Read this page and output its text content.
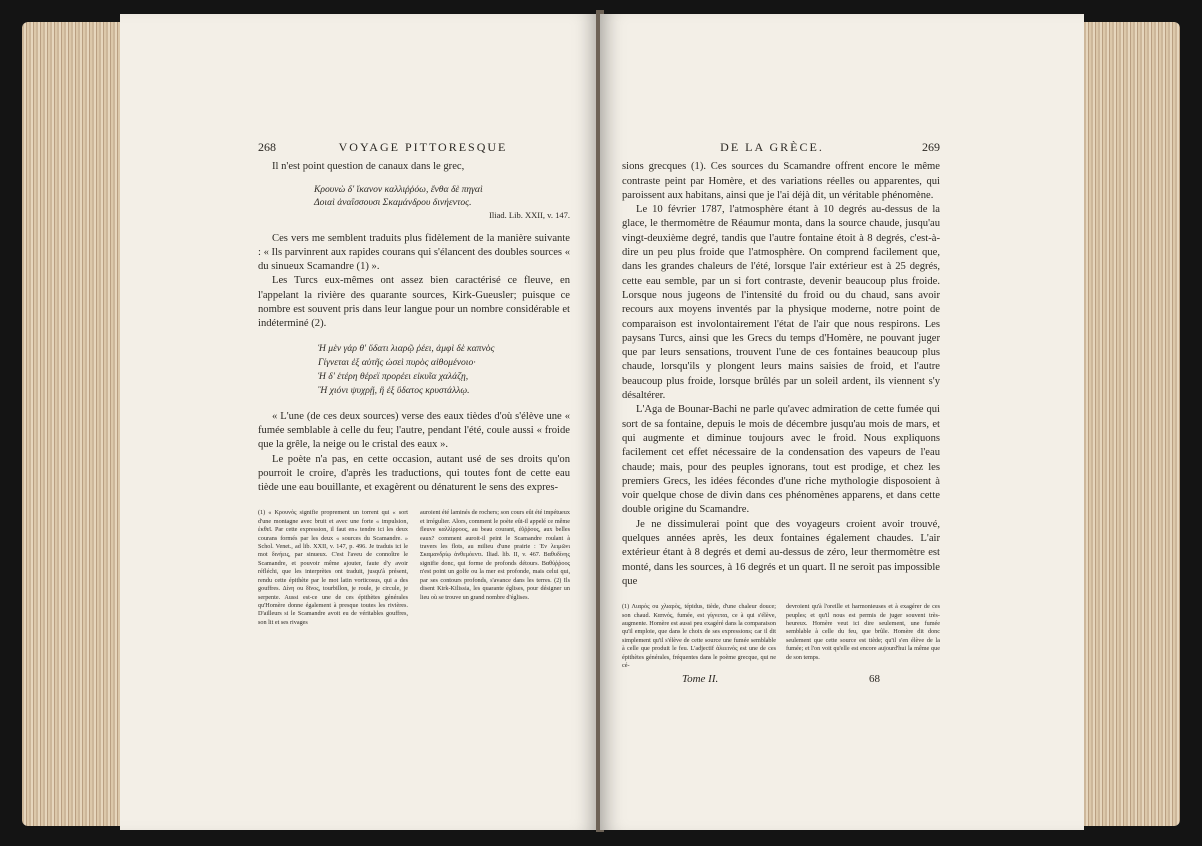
268	VOYAGE PITTORESQUE

Il n'est point question de canaux dans le grec,

Κρουνὼ δ' ἵκανον καλλιῤῥόω, ἔνθα δὲ πηγαὶ
Δοιαὶ ἀναΐσσουσι Σκαμάνδρου δινήεντος.
Iliad. Lib. XXII, v. 147.

Ces vers me semblent traduits plus fidèlement de la manière suivante : « Ils parvinrent aux rapides courans qui s'élancent des doubles sources « du sinueux Scamandre (1) ».

Les Turcs eux-mêmes ont assez bien caractérisé ce fleuve, en l'appelant la rivière des quarante sources, Kirk-Gueusler; puisque ce nombre est souvent pris dans leur langue pour un nombre considérable et indéterminé (2).

Ἡ μὲν γάρ θ' ὕδατι λιαρῷ ῥέει, ἀμφὶ δὲ καπνὸς
Γίγνεται ἐξ αὐτῆς ὡσεὶ πυρὸς αἰθομένοιο·
Ἡ δ' ἑτέρη θέρεϊ προρέει εἰκυῖα χαλάζῃ,
Ἢ χιόνι ψυχρῇ, ἢ ἐξ ὕδατος κρυστάλλῳ.

« L'une (de ces deux sources) verse des eaux tièdes d'où s'élève une « fumée semblable à celle du feu; l'autre, pendant l'été, coule aussi « froide que la grêle, la neige ou le cristal des eaux ».

Le poète n'a pas, en cette occasion, autant usé de ses droits qu'on pourroit le croire, d'après les traductions, qui toutes font de cette eau tiède une eau bouillante, et exagèrent ou dénaturent le sens des expres-

(1) « Κρουνὸς signifie proprement un torrent qui « sort d'une montagne avec bruit et avec une forte « impulsion, ἐκθεῖ. Par cette expression, il faut en« tendre ici les deux courans formés par les deux « sources du Scamandre. » Schol. Venet., ad lib. XXII, v. 147, p. 496. Je traduis ici le mot δινήεις, par sinueux. C'est l'aveu de connoître le Scamandre, et pouvoir même ajouter, faute d'y avoir réfléchi, que les interprètes ont traduit, jusqu'à présent, rendu cette épithète par le mot latin vorticosus, qui a des gouffres. Δίνη ou δῖνος, tourbillon, je roule, je circule, je serpente. Aussi est-ce une de ces épithètes générales qu'Homère donne également à presque toutes les rivières. D'ailleurs si le Scamandre avoit eu de véritables gouffres, son lit et ses rivages
auroient été laminés de rochers; son cours eût été impétueux et irrégulier. Alors, comment le poète eût-il appelé ce même fleuve καλλίρροος, au beau courant, ἐΰῤῥους, aux belles eaux? comment auroit-il peint le Scamandre roulant à travers les flots, au milieu d'une prairie : Ἐν λειμῶνι Σκαμανδρίῳ ἀνθεμόεντι. Iliad. lib. II, v. 467. Βαθυδίνης signifie donc, qui forme de profonds détours. Βαθύῤῥοος n'est point un golfe ou la mer est profonde, mais celui qui, par ses contours profonds, s'avance dans les terres. (2) Ils disent Kirk-Kilissia, les quarante églises, pour désigner un lieu où se trouve un grand nombre d'églises.
DE LA GRÈCE.	269

sions grecques (1). Ces sources du Scamandre offrent encore le même contraste peint par Homère, et des variations réelles ou apparentes, qui paroissent aux habitans, ainsi que je l'ai déjà dit, un véritable phénomène.

Le 10 février 1787, l'atmosphère étant à 10 degrés au-dessus de la glace, le thermomètre de Réaumur monta, dans la source chaude, jusqu'au vingt-deuxième degré, tandis que l'autre fontaine étoit à 8 degrés, c'est-à-dire un peu plus froide que l'atmosphère. On comprend facilement que, dans les grandes chaleurs de l'été, lorsque l'air extérieur est à 25 degrés, cette eau semble, par un si fort contraste, devenir beaucoup plus froide. Lorsque nous jugeons de l'intensité du froid ou du chaud, sans avoir recours aux moyens inventés par la physique moderne, notre point de comparaison est involontairement l'état de l'air que nous respirons. Les paysans Turcs, ainsi que les Grecs du temps d'Homère, ne pouvant juger que par leurs sensations, trouvent l'une de ces fontaines beaucoup plus chaude, lorsqu'ils y plongent leurs mains saisies de froid, et l'autre beaucoup plus froide, lorsque brûlés par un soleil ardent, ils viennent s'y désaltérer.

L'Aga de Bounar-Bachi ne parle qu'avec admiration de cette fumée qui sort de sa fontaine, depuis le mois de décembre jusqu'au mois de mars, et qui augmente et diminue toujours avec le froid. Nous expliquons facilement cet effet nécessaire de la condensation des vapeurs de l'eau chaude; mais, pour des peuples ignorans, tout est prodige, et chez les premiers Grecs, les idées fécondes d'une riche mythologie disposoient à voir quelque chose de divin dans ces phénomènes apparens, et dans cette double origine du Scamandre.

Je ne dissimulerai point que des voyageurs croient avoir trouvé, quelques années après, les deux fontaines également chaudes. L'air extérieur étant à 8 degrés et demi au-dessus de zéro, leur thermomètre est monté, dans les sources, à 16 degrés et un quart. Il ne seroit pas impossible que

(1) Λιαρὸς ou χλιαρὸς, tépidus, tiède, d'une chaleur douce; son chaud. Καπνός, fumée, est γίγνεται, ce à qui s'élève, augmente. Homère est aussi peu exagéré dans la comparaison qu'il emploie, que dans le choix de ses expressions; car il dit simplement qu'il s'élève de cette source une fumée semblable à celle que produit le feu. L'adjectif ἀλεεινὸς est une de ces épithètes générales, fréquentes dans le poème grecque, qui ne cé-
devroient qu'à l'oreille et harmonieuses et à exagérer de ces peuples; et qu'il nous est permis de juger souvent très-heureux. Homère veut ici dire seulement, une fumée semblable à celle du feu, que brûle. Homère dit donc seulement que cette source est tiède; qu'il s'en élève de la fumée; et l'on voit qu'elle est encore aujourd'hui la même que de son temps.
Tome II.	68
